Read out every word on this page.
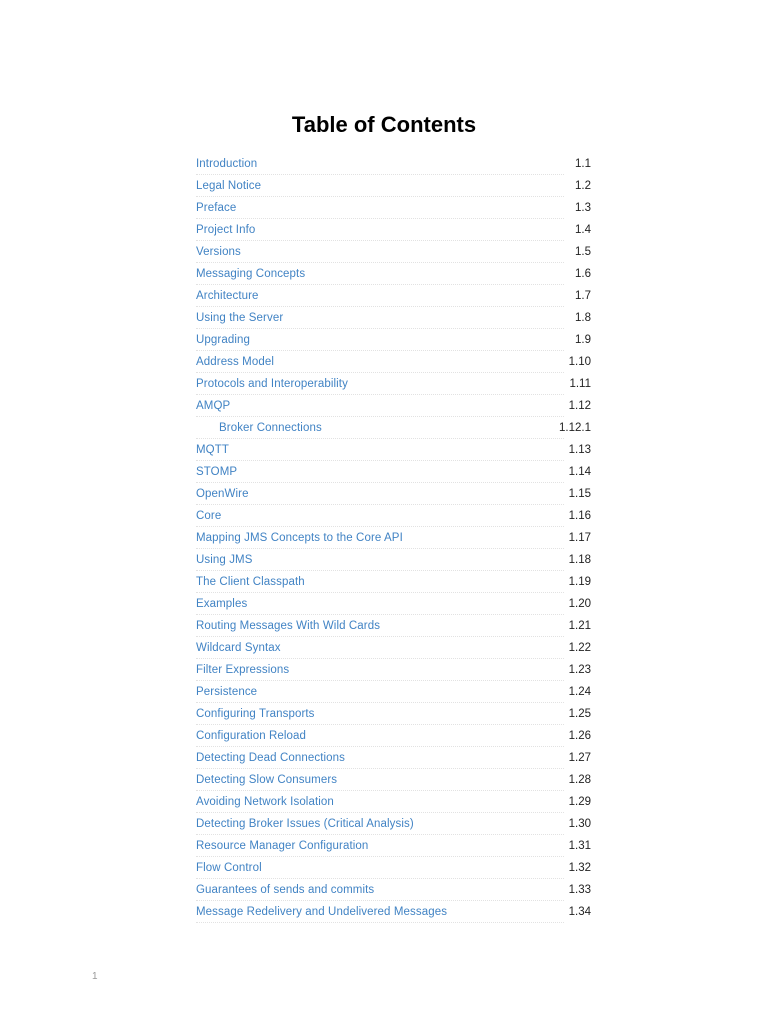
Table of Contents
Introduction	1.1
Legal Notice	1.2
Preface	1.3
Project Info	1.4
Versions	1.5
Messaging Concepts	1.6
Architecture	1.7
Using the Server	1.8
Upgrading	1.9
Address Model	1.10
Protocols and Interoperability	1.11
AMQP	1.12
Broker Connections	1.12.1
MQTT	1.13
STOMP	1.14
OpenWire	1.15
Core	1.16
Mapping JMS Concepts to the Core API	1.17
Using JMS	1.18
The Client Classpath	1.19
Examples	1.20
Routing Messages With Wild Cards	1.21
Wildcard Syntax	1.22
Filter Expressions	1.23
Persistence	1.24
Configuring Transports	1.25
Configuration Reload	1.26
Detecting Dead Connections	1.27
Detecting Slow Consumers	1.28
Avoiding Network Isolation	1.29
Detecting Broker Issues (Critical Analysis)	1.30
Resource Manager Configuration	1.31
Flow Control	1.32
Guarantees of sends and commits	1.33
Message Redelivery and Undelivered Messages	1.34
1
